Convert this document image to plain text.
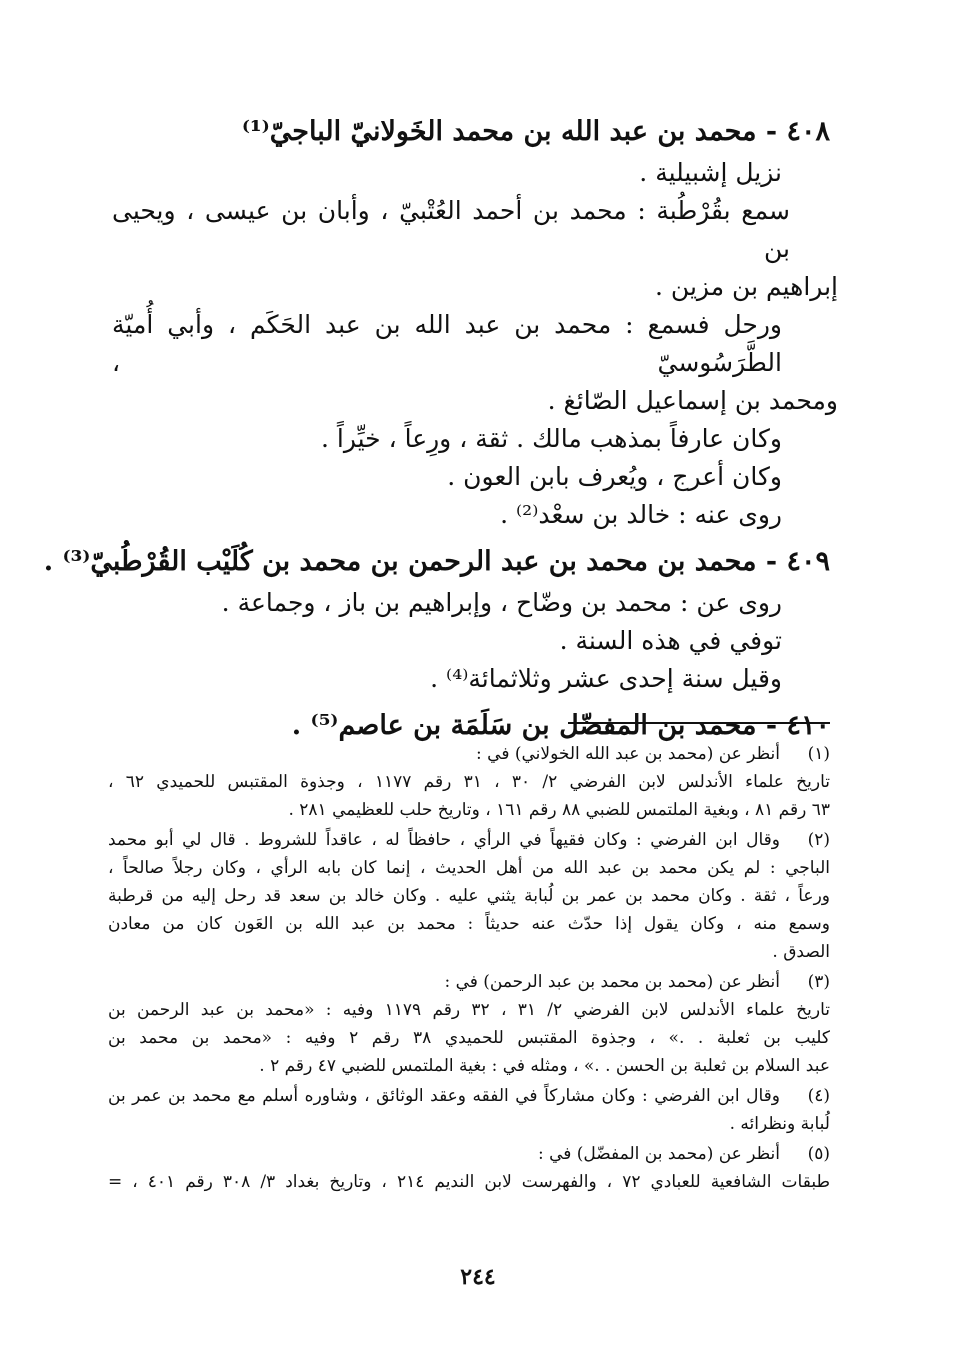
٤٠٨ - محمد بن عبد الله بن محمد الخَولانيّ الباجيّ⁽¹⁾

نزيل إشبيلية .

سمع بقُرْطُبة : محمد بن أحمد العُتْبيّ ، وأبان بن عيسى ، ويحيى بن

إبراهيم بن مزين .

ورحل فسمع : محمد بن عبد الله بن عبد الحَكَم ، وأبي أُميّة الطَّرَسُوسيّ ،

ومحمد بن إسماعيل الصّائغ .

وكان عارفاً بمذهب مالك . ثقة ، ورِعاً ، خيِّراً .

وكان أعرج ، ويُعرف بابن العون .

روى عنه : خالد بن سعْد⁽²⁾ .

٤٠٩ - محمد بن محمد بن عبد الرحمن بن محمد بن كُلَيْب القُرْطُبيّ⁽³⁾ .

روى عن : محمد بن وضّاح ، وإبراهيم بن باز ، وجماعة .

توفي في هذه السنة .

وقيل سنة إحدى عشر وثلاثمائة⁽⁴⁾ .

٤١٠ - محمد بن المفضّل بن سَلَمَة بن عاصم⁽⁵⁾ .

(١)
أنظر عن (محمد بن عبد الله الخولاني) في :

تاريخ علماء الأندلس لابن الفرضي ٢/ ٣٠ ، ٣١ رقم ١١٧٧ ، وجذوة المقتبس للحميدي ٦٢ ،

٦٣ رقم ٨١ ، وبغية الملتمس للضبي ٨٨ رقم ١٦١ ، وتاريخ حلب للعظيمي ٢٨١ .

(٢)
وقال ابن الفرضي : وكان فقيهاً في الرأي ، حافظاً له ، عاقداً للشروط . قال لي أبو محمد

الباجي : لم يكن محمد بن عبد الله من أهل الحديث ، إنما كان بابه الرأي ، وكان رجلاً صالحاً ،

ورعاً ، ثقة . وكان محمد بن عمر بن لُبابة يثني عليه . وكان خالد بن سعد قد رحل إليه من قرطبة

وسمع منه ، وكان يقول إذا حدّث عنه حديثاً : محمد بن عبد الله بن العَون كان من معادن

الصدق .

(٣)
أنظر عن (محمد بن محمد بن عبد الرحمن) في :

تاريخ علماء الأندلس لابن الفرضي ٢/ ٣١ ، ٣٢ رقم ١١٧٩ وفيه : «محمد بن عبد الرحمن بن

كليب بن ثعلبة . .» ، وجذوة المقتبس للحميدي ٣٨ رقم ٢ وفيه : «محمد بن محمد بن

عبد السلام بن ثعلبة بن الحسن . .» ، ومثله في : بغية الملتمس للضبي ٤٧ رقم ٢ .

(٤)
وقال ابن الفرضي : وكان مشاركاً في الفقه وعقد الوثائق ، وشاوره أسلم مع محمد بن عمر بن

لُبابة ونظرائه .

(٥)
أنظر عن (محمد بن المفضّل) في :

طبقات الشافعية للعبادي ٧٢ ، والفهرست لابن النديم ٢١٤ ، وتاريخ بغداد ٣/ ٣٠٨ رقم ٤٠١ ، =

٢٤٤
